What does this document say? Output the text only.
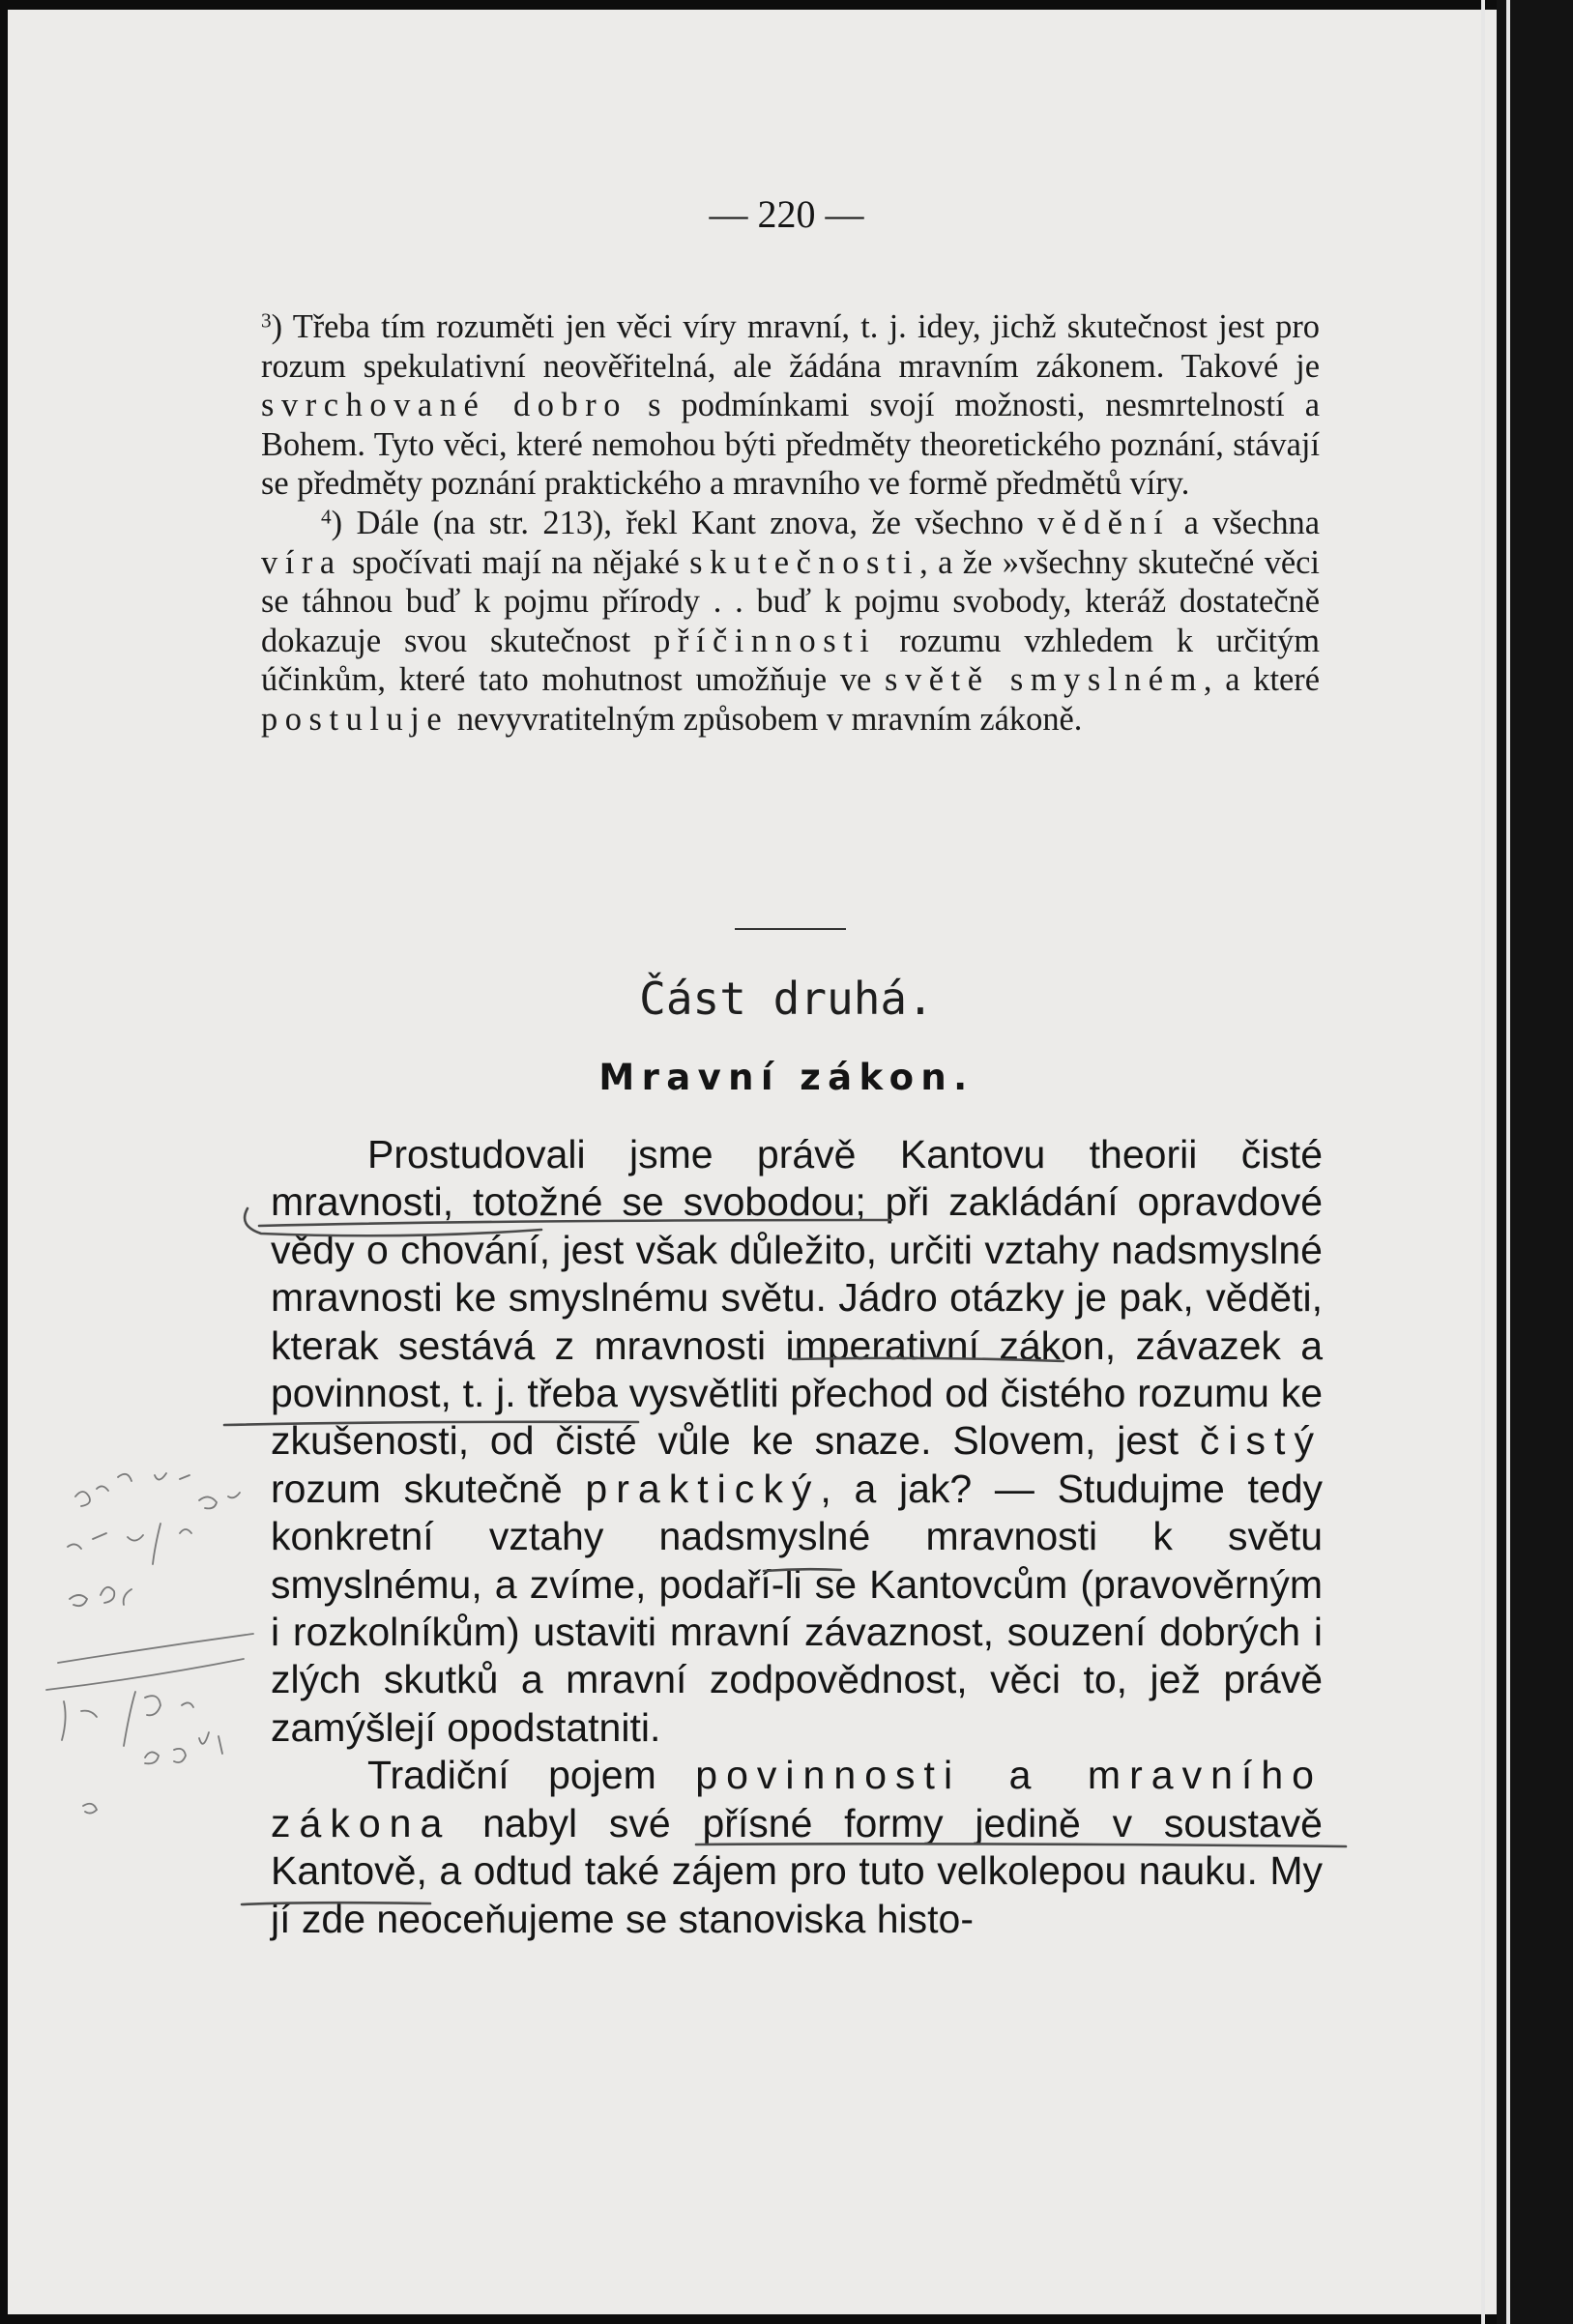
— 220 —

$^3$) Třeba tím rozuměti jen věci víry mravní, t. j. idey, jichž skutečnost jest pro rozum spekulativní neověřitelná, ale žádána mravním zákonem. Takové je svrchované dobro s podmínkami svojí možnosti, nesmrtelností a Bohem. Tyto věci, které nemohou býti předměty theoretického poznání, stávají se předměty poznání praktického a mravního ve formě předmětů víry.

$^4$) Dále (na str. 213), řekl Kant znova, že všechno vědění a všechna víra spočívati mají na nějaké skutečnosti, a že »všechny skutečné věci se táhnou buď k pojmu přírody . . buď k pojmu svobody, kteráž dostatečně dokazuje svou skutečnost příčinnosti rozumu vzhledem k určitým účinkům, které tato mohutnost umožňuje ve světě smyslném, a které postuluje nevyvratitelným způsobem v mravním zákoně.

Část druhá.
Mravní zákon.

Prostudovali jsme právě Kantovu theorii čisté mravnosti, totožné se svobodou; při zakládání opravdové vědy o chování, jest však důležito, určiti vztahy nadsmyslné mravnosti ke smyslnému světu. Jádro otázky je pak, věděti, kterak sestává z mravnosti imperativní zákon, závazek a povinnost, t. j. třeba vysvětliti přechod od čistého rozumu ke zkušenosti, od čisté vůle ke snaze. Slovem, jest čistý rozum skutečně praktický, a jak? — Studujme tedy konkretní vztahy nadsmyslné mravnosti k světu smyslnému, a zvíme, podaří-li se Kantovcům (pravověrným i rozkolníkům) ustaviti mravní závaznost, souzení dobrých i zlých skutků a mravní zodpovědnost, věci to, jež právě zamýšlejí opodstatniti.

Tradiční pojem povinnosti a mravního zákona nabyl své přísné formy jedině v soustavě Kantově, a odtud také zájem pro tuto velkolepou nauku. My jí zde neoceňujeme se stanoviska histo-
